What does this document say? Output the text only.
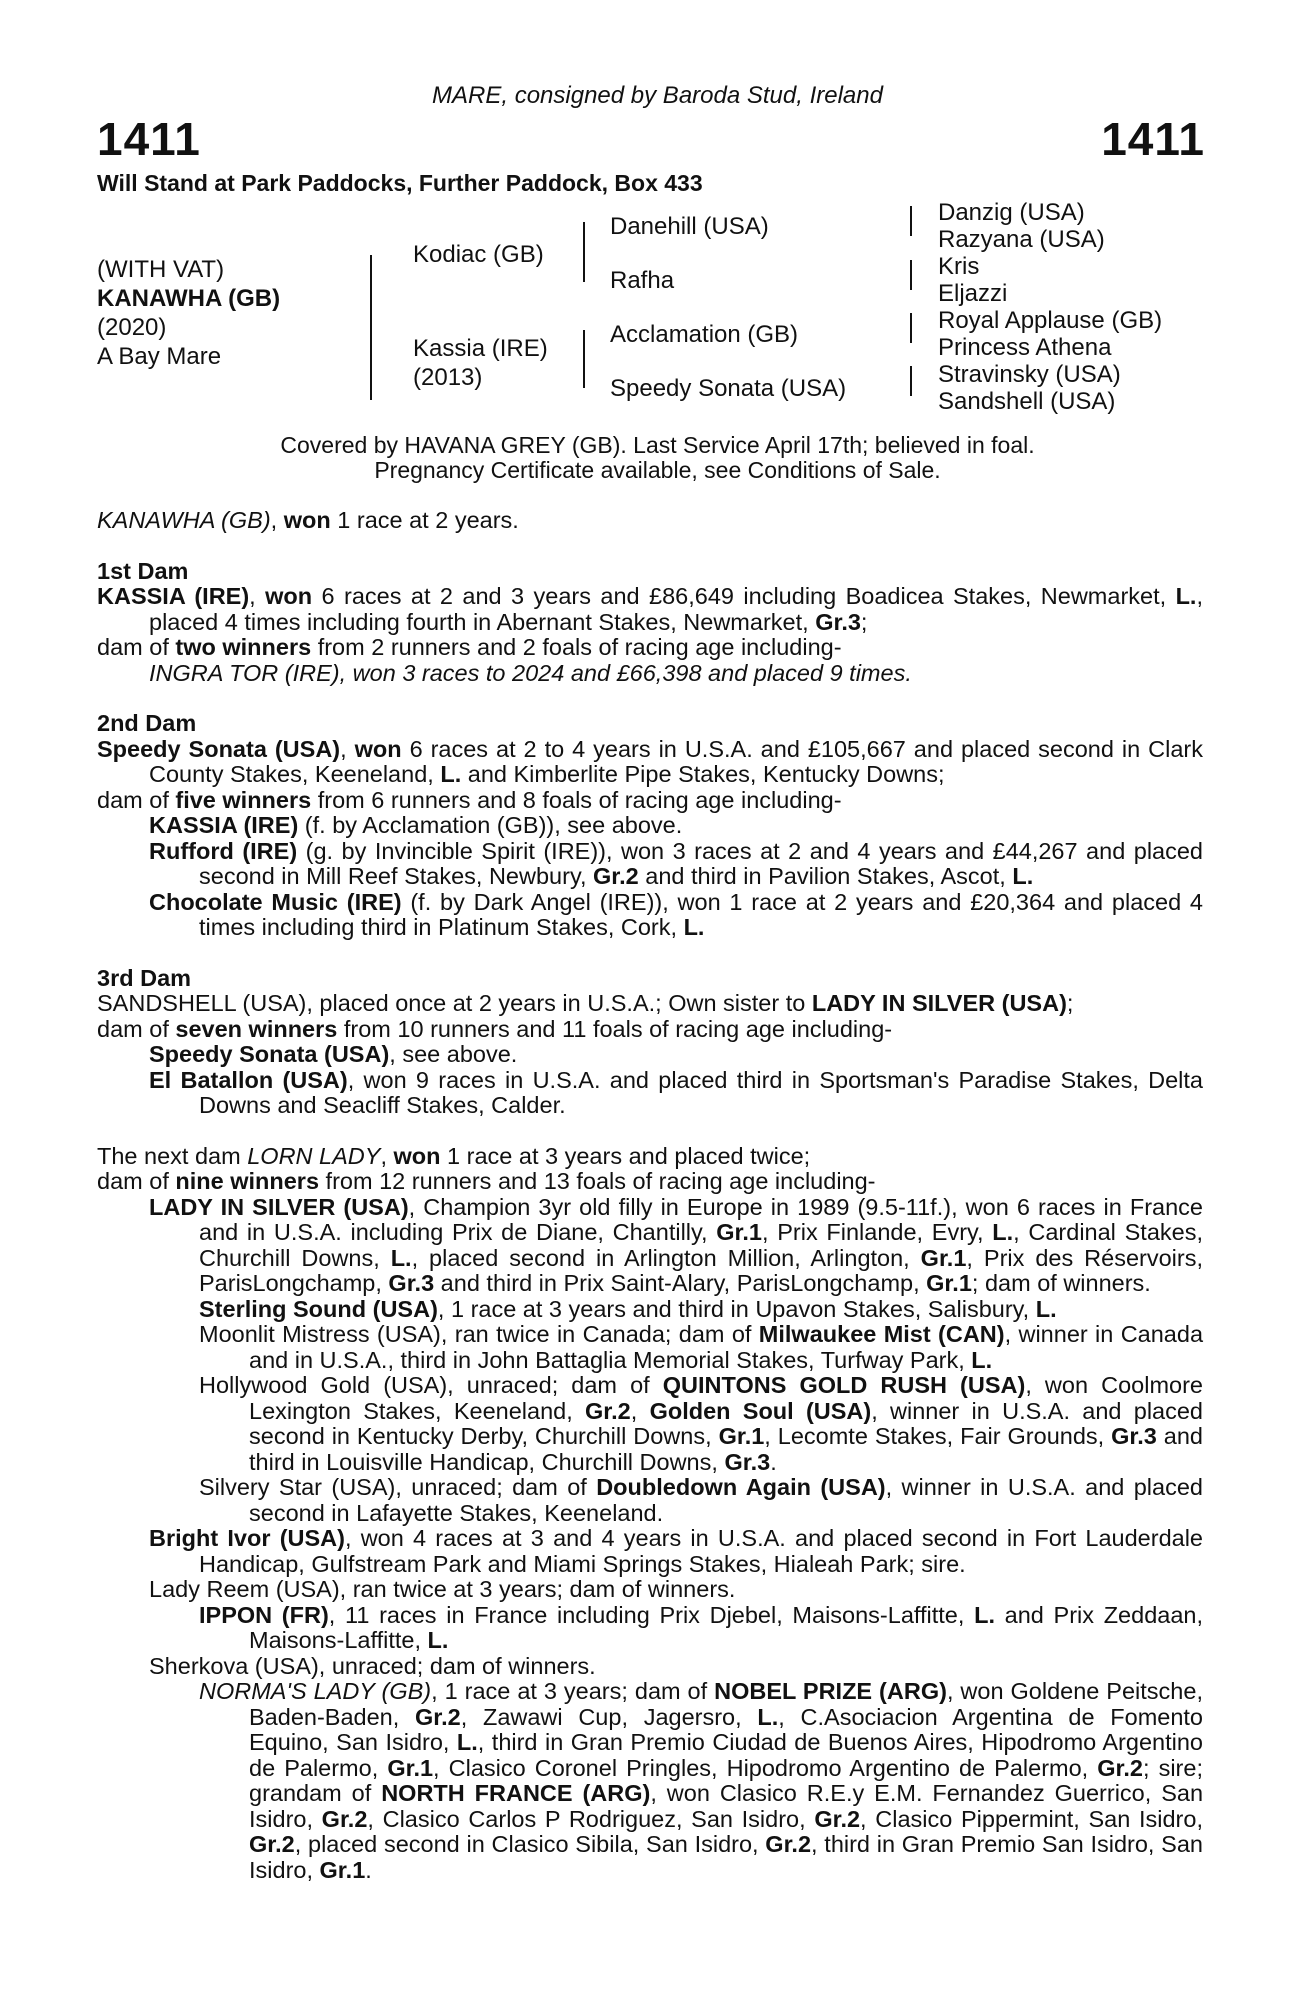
MARE, consigned by Baroda Stud, Ireland
1411	1411
Will Stand at Park Paddocks, Further Paddock, Box 433
(WITH VAT)
KANAWHA (GB)
(2020)
A Bay Mare
Kodiac (GB)
Kassia (IRE)
(2013)
Danehill (USA)
Rafha
Acclamation (GB)
Speedy Sonata (USA)
Danzig (USA)
Razyana (USA)
Kris
Eljazzi
Royal Applause (GB)
Princess Athena
Stravinsky (USA)
Sandshell (USA)
Covered by HAVANA GREY (GB). Last Service April 17th; believed in foal.
Pregnancy Certificate available, see Conditions of Sale.

KANAWHA (GB), won 1 race at 2 years.

1st Dam

KASSIA (IRE), won 6 races at 2 and 3 years and £86,649 including Boadicea Stakes, Newmarket, L., placed 4 times including fourth in Abernant Stakes, Newmarket, Gr.3;

dam of two winners from 2 runners and 2 foals of racing age including-

INGRA TOR (IRE), won 3 races to 2024 and £66,398 and placed 9 times.

2nd Dam

Speedy Sonata (USA), won 6 races at 2 to 4 years in U.S.A. and £105,667 and placed second in Clark County Stakes, Keeneland, L. and Kimberlite Pipe Stakes, Kentucky Downs;

dam of five winners from 6 runners and 8 foals of racing age including-

KASSIA (IRE) (f. by Acclamation (GB)), see above.

Rufford (IRE) (g. by Invincible Spirit (IRE)), won 3 races at 2 and 4 years and £44,267 and placed second in Mill Reef Stakes, Newbury, Gr.2 and third in Pavilion Stakes, Ascot, L.

Chocolate Music (IRE) (f. by Dark Angel (IRE)), won 1 race at 2 years and £20,364 and placed 4 times including third in Platinum Stakes, Cork, L.

3rd Dam

SANDSHELL (USA), placed once at 2 years in U.S.A.; Own sister to LADY IN SILVER (USA);

dam of seven winners from 10 runners and 11 foals of racing age including-

Speedy Sonata (USA), see above.

El Batallon (USA), won 9 races in U.S.A. and placed third in Sportsman's Paradise Stakes, Delta Downs and Seacliff Stakes, Calder.

The next dam LORN LADY, won 1 race at 3 years and placed twice;

dam of nine winners from 12 runners and 13 foals of racing age including-

LADY IN SILVER (USA), Champion 3yr old filly in Europe in 1989 (9.5-11f.), won 6 races in France and in U.S.A. including Prix de Diane, Chantilly, Gr.1, Prix Finlande, Evry, L., Cardinal Stakes, Churchill Downs, L., placed second in Arlington Million, Arlington, Gr.1, Prix des Réservoirs, ParisLongchamp, Gr.3 and third in Prix Saint-Alary, ParisLongchamp, Gr.1; dam of winners.

Sterling Sound (USA), 1 race at 3 years and third in Upavon Stakes, Salisbury, L.

Moonlit Mistress (USA), ran twice in Canada; dam of Milwaukee Mist (CAN), winner in Canada and in U.S.A., third in John Battaglia Memorial Stakes, Turfway Park, L.

Hollywood Gold (USA), unraced; dam of QUINTONS GOLD RUSH (USA), won Coolmore Lexington Stakes, Keeneland, Gr.2, Golden Soul (USA), winner in U.S.A. and placed second in Kentucky Derby, Churchill Downs, Gr.1, Lecomte Stakes, Fair Grounds, Gr.3 and third in Louisville Handicap, Churchill Downs, Gr.3.

Silvery Star (USA), unraced; dam of Doubledown Again (USA), winner in U.S.A. and placed second in Lafayette Stakes, Keeneland.

Bright Ivor (USA), won 4 races at 3 and 4 years in U.S.A. and placed second in Fort Lauderdale Handicap, Gulfstream Park and Miami Springs Stakes, Hialeah Park; sire.

Lady Reem (USA), ran twice at 3 years; dam of winners.

IPPON (FR), 11 races in France including Prix Djebel, Maisons-Laffitte, L. and Prix Zeddaan, Maisons-Laffitte, L.

Sherkova (USA), unraced; dam of winners.

NORMA'S LADY (GB), 1 race at 3 years; dam of NOBEL PRIZE (ARG), won Goldene Peitsche, Baden-Baden, Gr.2, Zawawi Cup, Jagersro, L., C.Asociacion Argentina de Fomento Equino, San Isidro, L., third in Gran Premio Ciudad de Buenos Aires, Hipodromo Argentino de Palermo, Gr.1, Clasico Coronel Pringles, Hipodromo Argentino de Palermo, Gr.2; sire; grandam of NORTH FRANCE (ARG), won Clasico R.E.y E.M. Fernandez Guerrico, San Isidro, Gr.2, Clasico Carlos P Rodriguez, San Isidro, Gr.2, Clasico Pippermint, San Isidro, Gr.2, placed second in Clasico Sibila, San Isidro, Gr.2, third in Gran Premio San Isidro, San Isidro, Gr.1.
